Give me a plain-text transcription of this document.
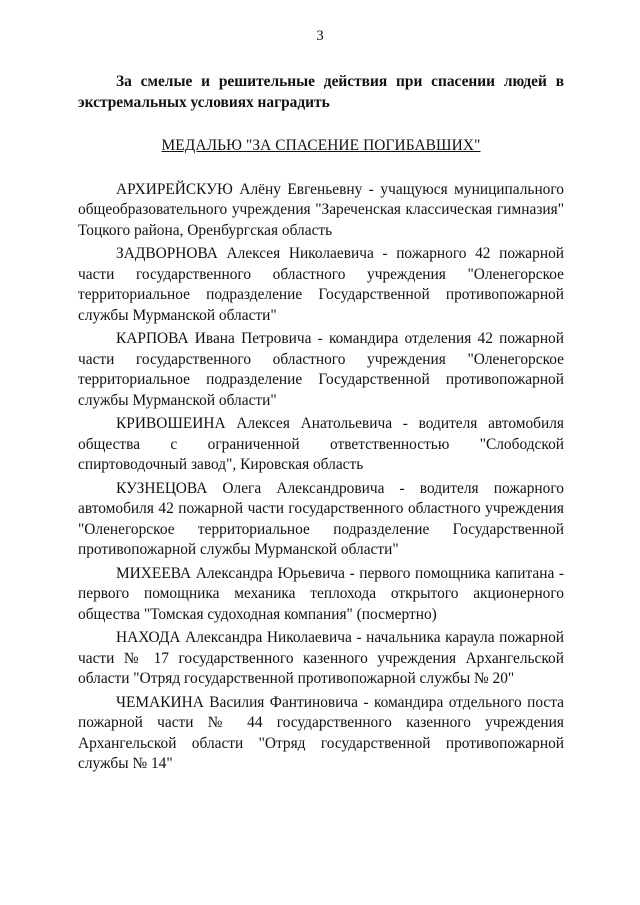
3

За смелые и решительные действия при спасении людей в экстремальных условиях наградить

МЕДАЛЬЮ "ЗА СПАСЕНИЕ ПОГИБАВШИХ"

АРХИРЕЙСКУЮ Алёну Евгеньевну - учащуюся муниципального общеобразовательного учреждения "Зареченская классическая гимназия" Тоцкого района, Оренбургская область

ЗАДВОРНОВА Алексея Николаевича - пожарного 42 пожарной части государственного областного учреждения "Оленегорское территориальное подразделение Государственной противопожарной службы Мурманской области"

КАРПОВА Ивана Петровича - командира отделения 42 пожарной части государственного областного учреждения "Оленегорское территориальное подразделение Государственной противопожарной службы Мурманской области"

КРИВОШЕИНА Алексея Анатольевича - водителя автомобиля общества с ограниченной ответственностью "Слободской спиртоводочный завод", Кировская область

КУЗНЕЦОВА Олега Александровича - водителя пожарного автомобиля 42 пожарной части государственного областного учреждения "Оленегорское территориальное подразделение Государственной противопожарной службы Мурманской области"

МИХЕЕВА Александра Юрьевича - первого помощника капитана - первого помощника механика теплохода открытого акционерного общества "Томская судоходная компания" (посмертно)

НАХОДА Александра Николаевича - начальника караула пожарной части № 17 государственного казенного учреждения Архангельской области "Отряд государственной противопожарной службы № 20"

ЧЕМАКИНА Василия Фантиновича - командира отдельного поста пожарной части № 44 государственного казенного учреждения Архангельской области "Отряд государственной противопожарной службы № 14"
